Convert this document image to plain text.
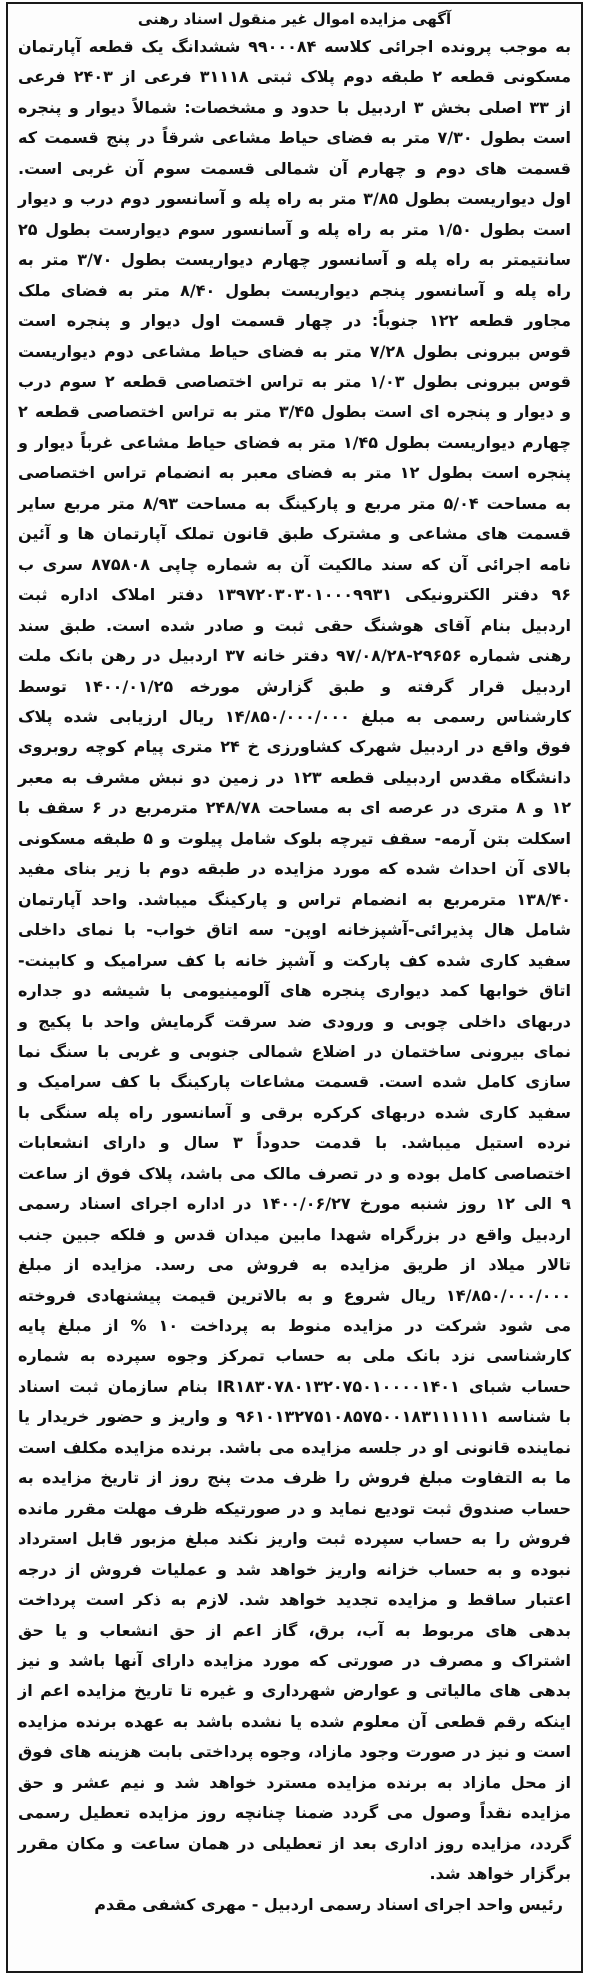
آگهی مزایده اموال غیر منقول اسناد رهنی

به موجب پرونده اجرائی کلاسه ۹۹۰۰۰۸۴ ششدانگ یک قطعه آپارتمان مسکونی قطعه ۲ طبقه دوم پلاک ثبتی ۳۱۱۱۸ فرعی از ۲۴۰۳ فرعی از ۳۳ اصلی بخش ۳ اردبیل با حدود و مشخصات: شمالاً دیوار و پنجره است بطول ۷/۳۰ متر به فضای حیاط مشاعی شرقاً در پنج قسمت که قسمت های دوم و چهارم آن شمالی قسمت سوم آن غربی است. اول دیواریست بطول ۳/۸۵ متر به راه پله و آسانسور دوم درب و دیوار است بطول ۱/۵۰ متر به راه پله و آسانسور سوم دیوارست بطول ۲۵ سانتیمتر به راه پله و آسانسور چهارم دیواریست بطول ۳/۷۰ متر به راه پله و آسانسور پنجم دیواریست بطول ۸/۴۰ متر به فضای ملک مجاور قطعه ۱۲۲ جنوباً: در چهار قسمت اول دیوار و پنجره است قوس بیرونی بطول ۷/۲۸ متر به فضای حیاط مشاعی دوم دیواریست قوس بیرونی بطول ۱/۰۳ متر به تراس اختصاصی قطعه ۲ سوم درب و دیوار و پنجره ای است بطول ۳/۴۵ متر به تراس اختصاصی قطعه ۲ چهارم دیواریست بطول ۱/۴۵ متر به فضای حیاط مشاعی غرباً دیوار و پنجره است بطول ۱۲ متر به فضای معبر به انضمام تراس اختصاصی به مساحت ۵/۰۴ متر مربع و پارکینگ به مساحت ۸/۹۳ متر مربع سایر قسمت های مشاعی و مشترک طبق قانون تملک آپارتمان ها و آئین نامه اجرائی آن که سند مالکیت آن به شماره چاپی ۸۷۵۸۰۸ سری ب ۹۶ دفتر الکترونیکی ۱۳۹۷۲۰۳۰۳۰۱۰۰۰۹۹۳۱ دفتر املاک اداره ثبت اردبیل بنام آقای هوشنگ حقی ثبت و صادر شده است. طبق سند رهنی شماره ۲۹۶۵۶-۹۷/۰۸/۲۸ دفتر خانه ۳۷ اردبیل در رهن بانک ملت اردبیل قرار گرفته و طبق گزارش مورخه ۱۴۰۰/۰۱/۲۵ توسط کارشناس رسمی به مبلغ ۱۴/۸۵۰/۰۰۰/۰۰۰ ریال ارزیابی شده پلاک فوق واقع در اردبیل شهرک کشاورزی خ ۲۴ متری پیام کوچه روبروی دانشگاه مقدس اردبیلی قطعه ۱۲۳ در زمین دو نبش مشرف به معبر ۱۲ و ۸ متری در عرصه ای به مساحت ۲۴۸/۷۸ مترمربع در ۶ سقف با اسکلت بتن آرمه- سقف تیرچه بلوک شامل پیلوت و ۵ طبقه مسکونی بالای آن احداث شده که مورد مزایده در طبقه دوم با زیر بنای مفید ۱۳۸/۴۰ مترمربع به انضمام تراس و پارکینگ میباشد. واحد آپارتمان شامل هال پذیرائی-آشپزخانه اوپن- سه اتاق خواب- با نمای داخلی سفید کاری شده کف پارکت و آشپز خانه با کف سرامیک و کابینت- اتاق خوابها کمد دیواری پنجره های آلومینیومی با شیشه دو جداره دربهای داخلی چوبی و ورودی ضد سرقت گرمایش واحد با پکیج و نمای بیرونی ساختمان در اضلاع شمالی جنوبی و غربی با سنگ نما سازی کامل شده است. قسمت مشاعات پارکینگ با کف سرامیک و سفید کاری شده دربهای کرکره برقی و آسانسور راه پله سنگی با نرده استیل میباشد. با قدمت حدوداً ۳ سال و دارای انشعابات اختصاصی کامل بوده و در تصرف مالک می باشد، پلاک فوق از ساعت ۹ الی ۱۲ روز شنبه مورخ ۱۴۰۰/۰۶/۲۷ در اداره اجرای اسناد رسمی اردبیل واقع در بزرگراه شهدا مابین میدان قدس و فلکه جبین جنب تالار میلاد از طریق مزایده به فروش می رسد. مزایده از مبلغ ۱۴/۸۵۰/۰۰۰/۰۰۰ ریال شروع و به بالاترین قیمت پیشنهادی فروخته می شود شرکت در مزایده منوط به پرداخت ۱۰ % از مبلغ پایه کارشناسی نزد بانک ملی به حساب تمرکز وجوه سپرده به شماره حساب شبای IR۱۸۳۰۷۸۰۱۳۲۰۷۵۰۱۰۰۰۰۱۴۰۱ بنام سازمان ثبت اسناد با شناسه ۹۶۱۰۱۳۲۷۵۱۰۸۵۷۵۰۰۱۸۳۱۱۱۱۱۱ و واریز و حضور خریدار یا نماینده قانونی او در جلسه مزایده می باشد. برنده مزایده مکلف است ما به التفاوت مبلغ فروش را ظرف مدت پنج روز از تاریخ مزایده به حساب صندوق ثبت تودیع نماید و در صورتیکه ظرف مهلت مقرر مانده فروش را به حساب سپرده ثبت واریز نکند مبلغ مزبور قابل استرداد نبوده و به حساب خزانه واریز خواهد شد و عملیات فروش از درجه اعتبار ساقط و مزایده تجدید خواهد شد. لازم به ذکر است پرداخت بدهی های مربوط به آب، برق، گاز اعم از حق انشعاب و یا حق اشتراک و مصرف در صورتی که مورد مزایده دارای آنها باشد و نیز بدهی های مالیاتی و عوارض شهرداری و غیره تا تاریخ مزایده اعم از اینکه رقم قطعی آن معلوم شده یا نشده باشد به عهده برنده مزایده است و نیز در صورت وجود مازاد، وجوه پرداختی بابت هزینه های فوق از محل مازاد به برنده مزایده مسترد خواهد شد و نیم عشر و حق مزایده نقداً وصول می گردد ضمنا چنانچه روز مزایده تعطیل رسمی گردد، مزایده روز اداری بعد از تعطیلی در همان ساعت و مکان مقرر برگزار خواهد شد.

رئیس واحد اجرای اسناد رسمی اردبیل - مهری کشفی مقدم
